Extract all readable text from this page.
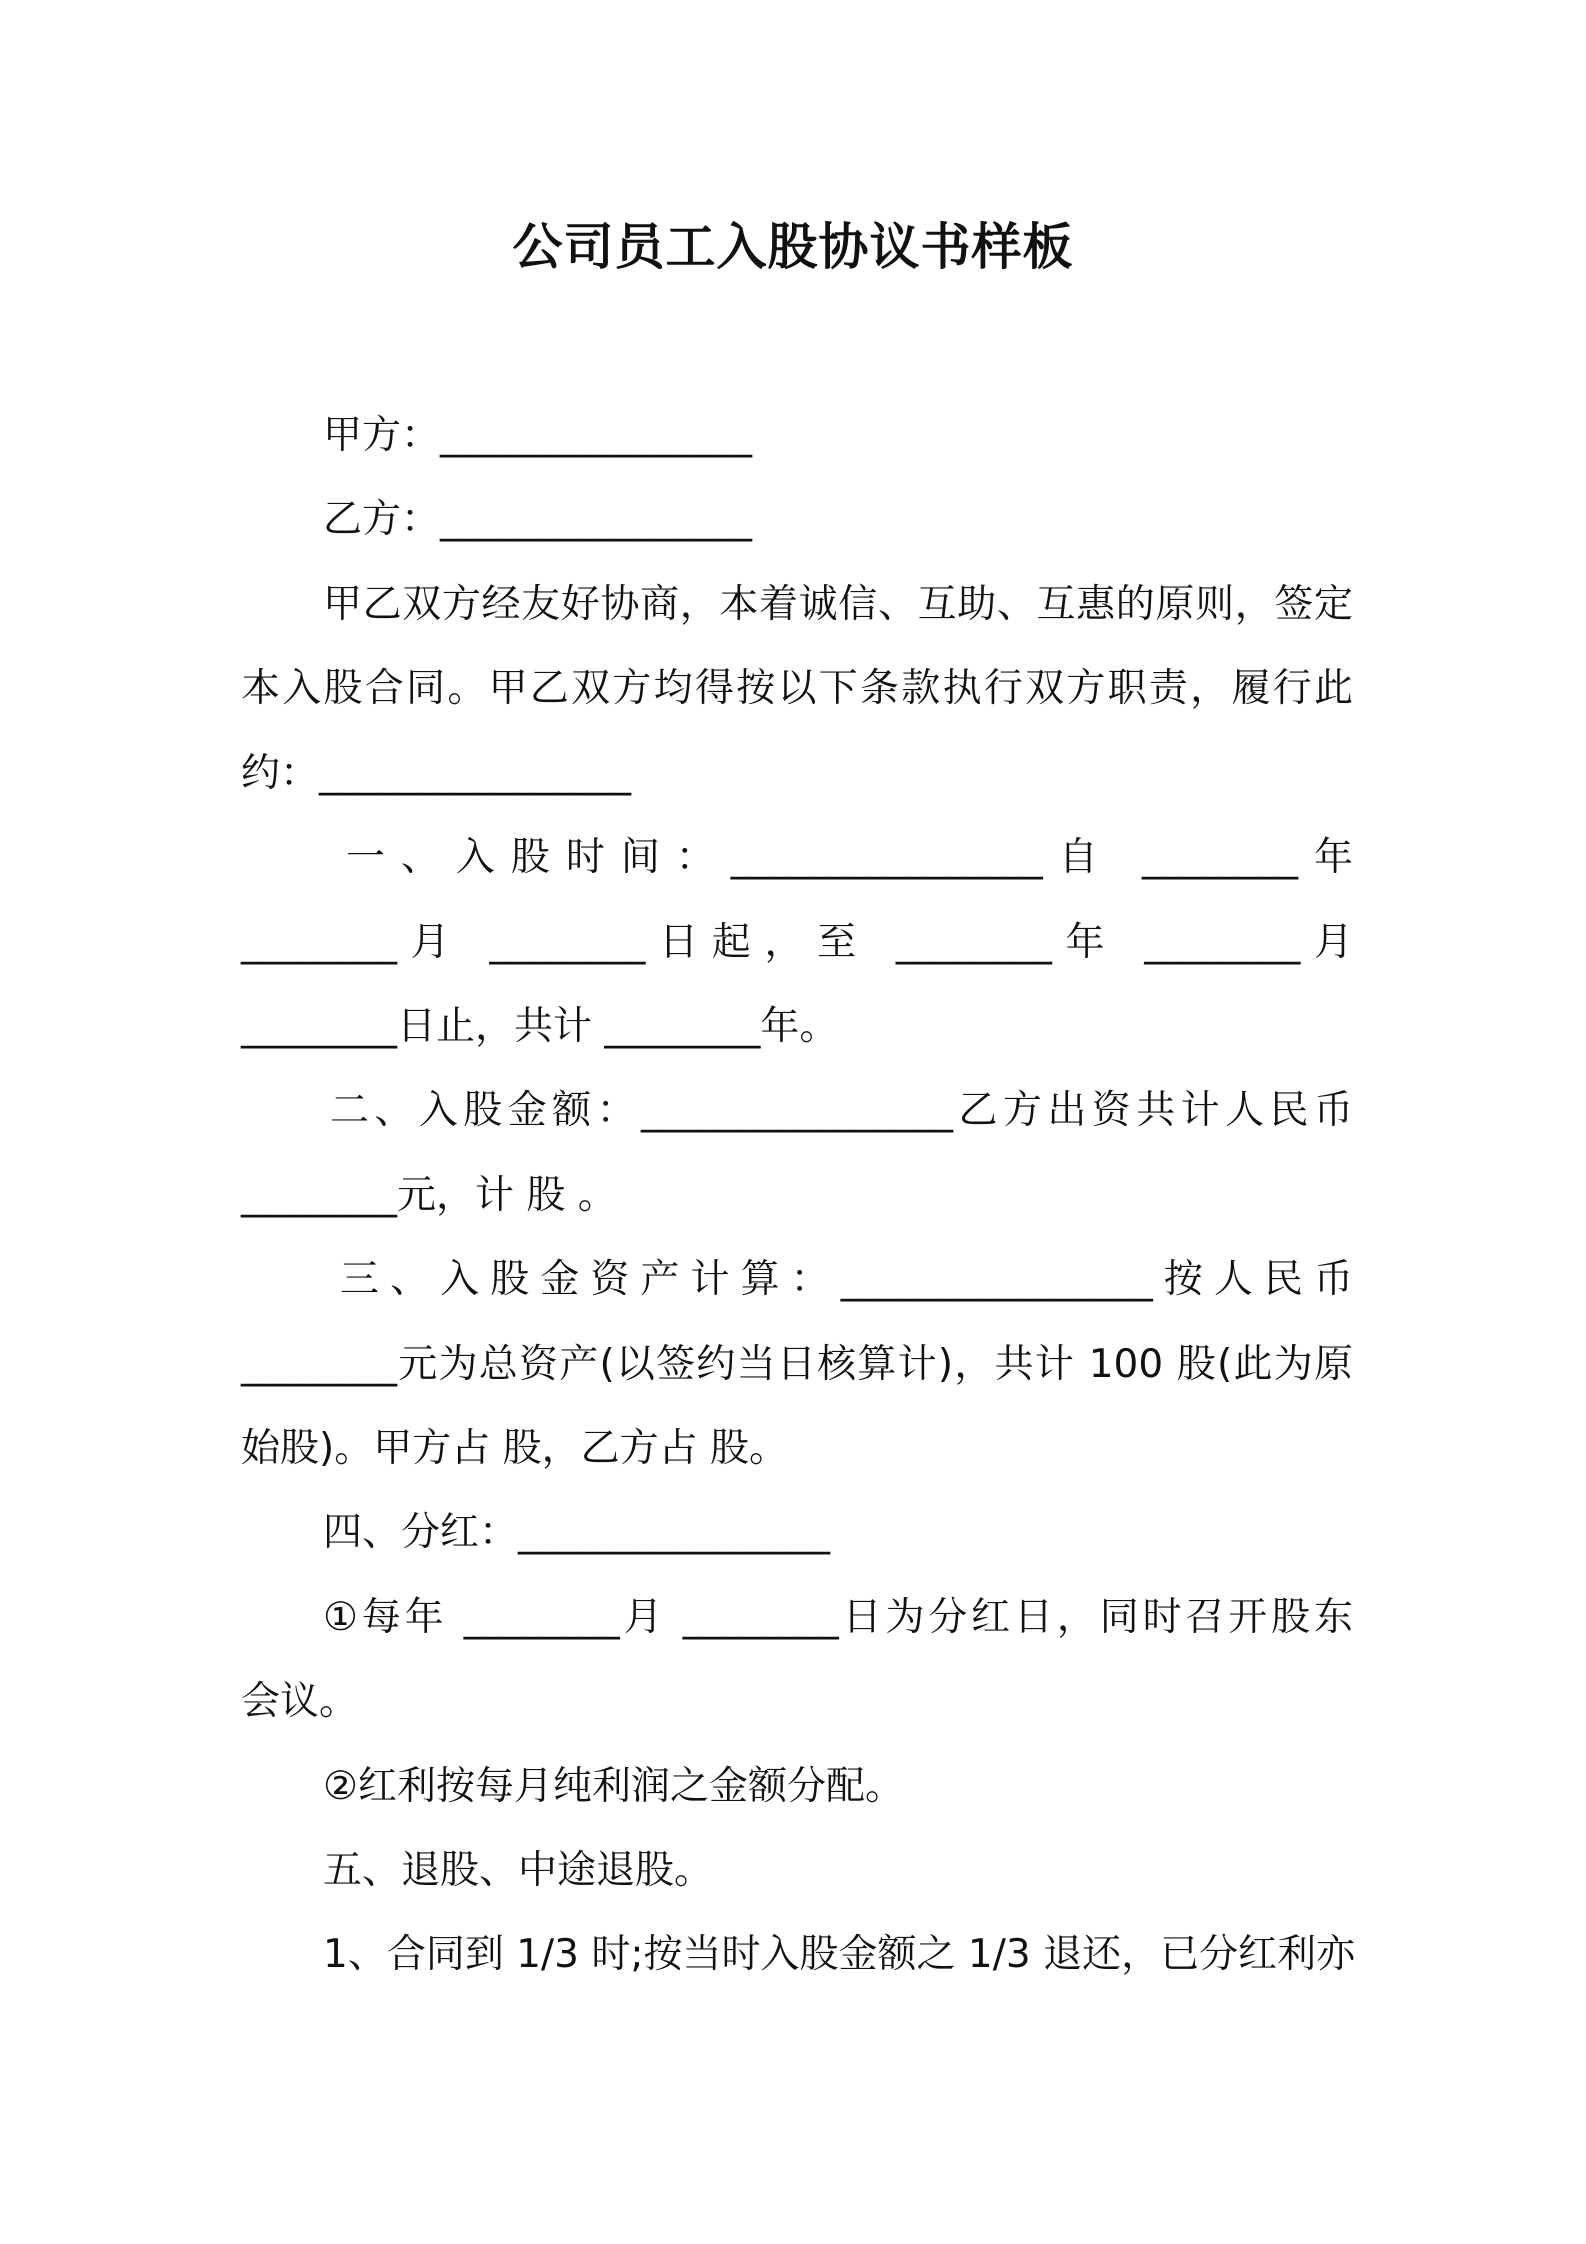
公司员工入股协议书样板

甲方：________________

乙方：________________

甲乙双方经友好协商，本着诚信、互助、互惠的原则，签定

本入股合同。甲乙双方均得按以下条款执行双方职责，履行此

约：________________

一、入股时间：________________自 ________年

________月 ________日起，至 ________年 ________月

________日止，共计 ________年。

二、入股金额：________________乙方出资共计人民币

________元，计 股 。

三、入股金资产计算：________________按人民币

________元为总资产(以签约当日核算计)，共计 100 股(此为原

始股)。甲方占 股，乙方占 股。

四、分红：________________

①每年 ________月 ________日为分红日，同时召开股东

会议。

②红利按每月纯利润之金额分配。

五、退股、中途退股。

1、合同到 1/3 时;按当时入股金额之 1/3 退还，已分红利亦
